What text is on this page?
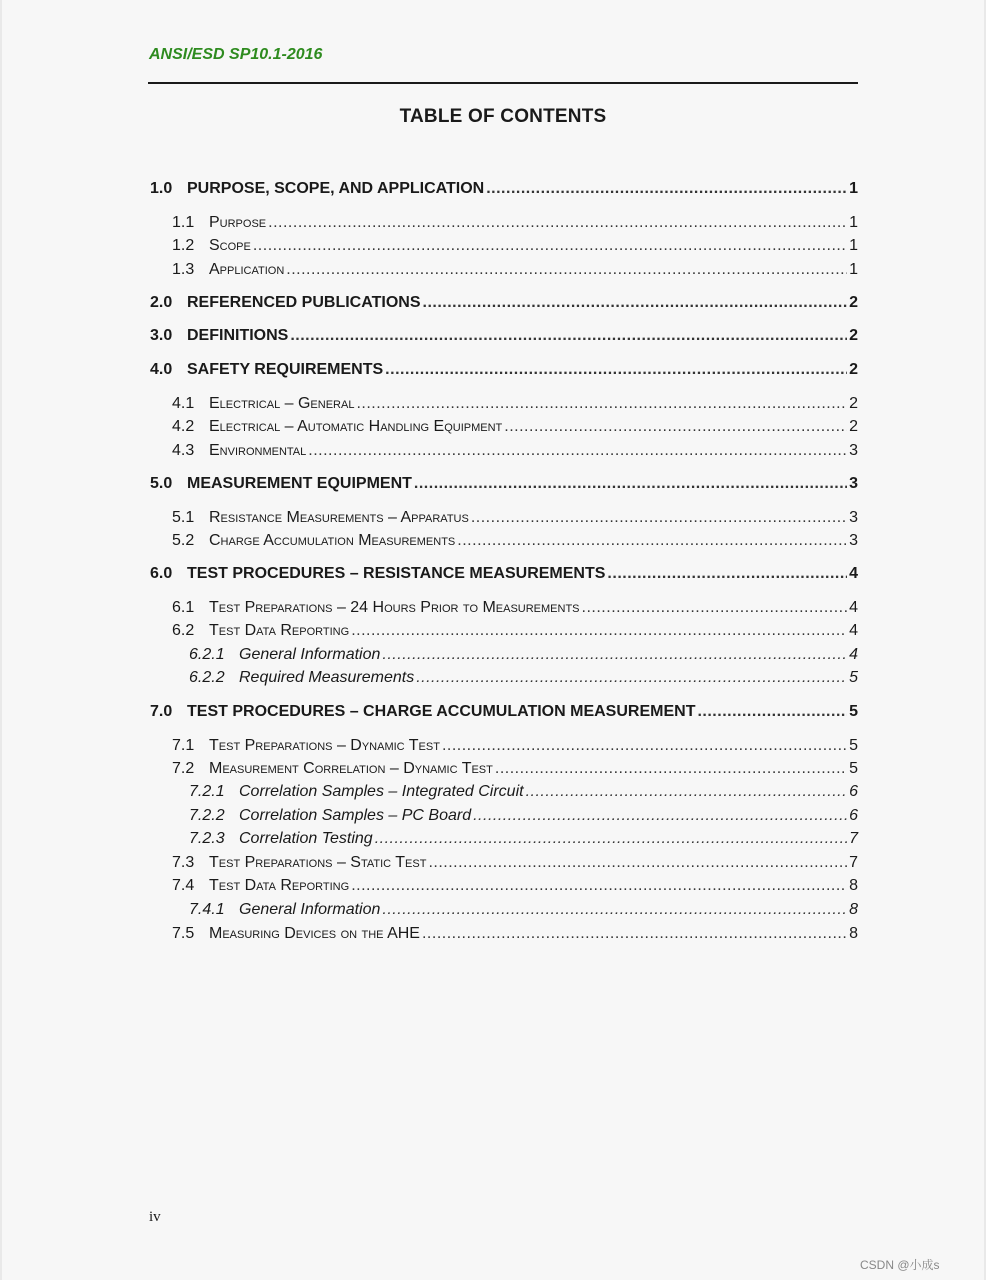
ANSI/ESD SP10.1-2016

TABLE OF CONTENTS
1.0 PURPOSE, SCOPE, AND APPLICATION .....	1
1.1 Purpose .....	1
1.2 Scope .....	1
1.3 Application .....	1
2.0 REFERENCED PUBLICATIONS .....	2
3.0 DEFINITIONS .....	2
4.0 SAFETY REQUIREMENTS .....	2
4.1 Electrical – General .....	2
4.2 Electrical – Automatic Handling Equipment .....	2
4.3 Environmental .....	3
5.0 MEASUREMENT EQUIPMENT .....	3
5.1 Resistance Measurements – Apparatus .....	3
5.2 Charge Accumulation Measurements .....	3
6.0 TEST PROCEDURES – RESISTANCE MEASUREMENTS .....	4
6.1 Test Preparations – 24 Hours Prior to Measurements .....	4
6.2 Test Data Reporting .....	4
6.2.1 General Information .....	4
6.2.2 Required Measurements .....	5
7.0 TEST PROCEDURES – CHARGE ACCUMULATION MEASUREMENT .....	5
7.1 Test Preparations – Dynamic Test .....	5
7.2 Measurement Correlation – Dynamic Test .....	5
7.2.1 Correlation Samples – Integrated Circuit .....	6
7.2.2 Correlation Samples – PC Board .....	6
7.2.3 Correlation Testing .....	7
7.3 Test Preparations – Static Test .....	7
7.4 Test Data Reporting .....	8
7.4.1 General Information .....	8
7.5 Measuring Devices on the AHE .....	8

iv

CSDN @小成s
